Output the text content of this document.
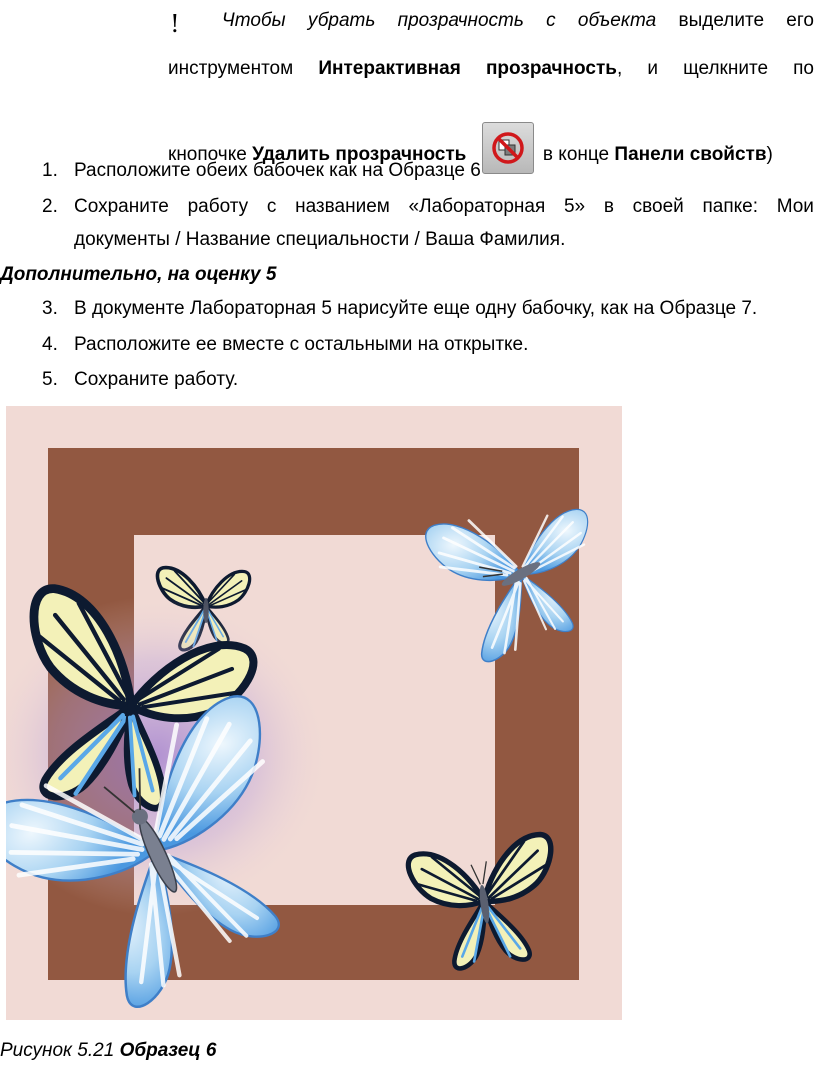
!	Чтобы убрать прозрачность с объекта выделите его
инструментом Интерактивная прозрачность, и щелкните по
кнопочке Удалить прозрачность	в конце Панели свойств)
1. Расположите обеих бабочек как на Образце 6
2. Сохраните работу с названием «Лабораторная 5» в своей папке: Мои
документы / Название специальности / Ваша Фамилия.
Дополнительно, на оценку 5
3. В документе Лабораторная 5 нарисуйте еще одну бабочку, как на Образце 7.
4. Расположите ее вместе с остальными на открытке.
5. Сохраните работу.
Рисунок 5.21 Образец 6
